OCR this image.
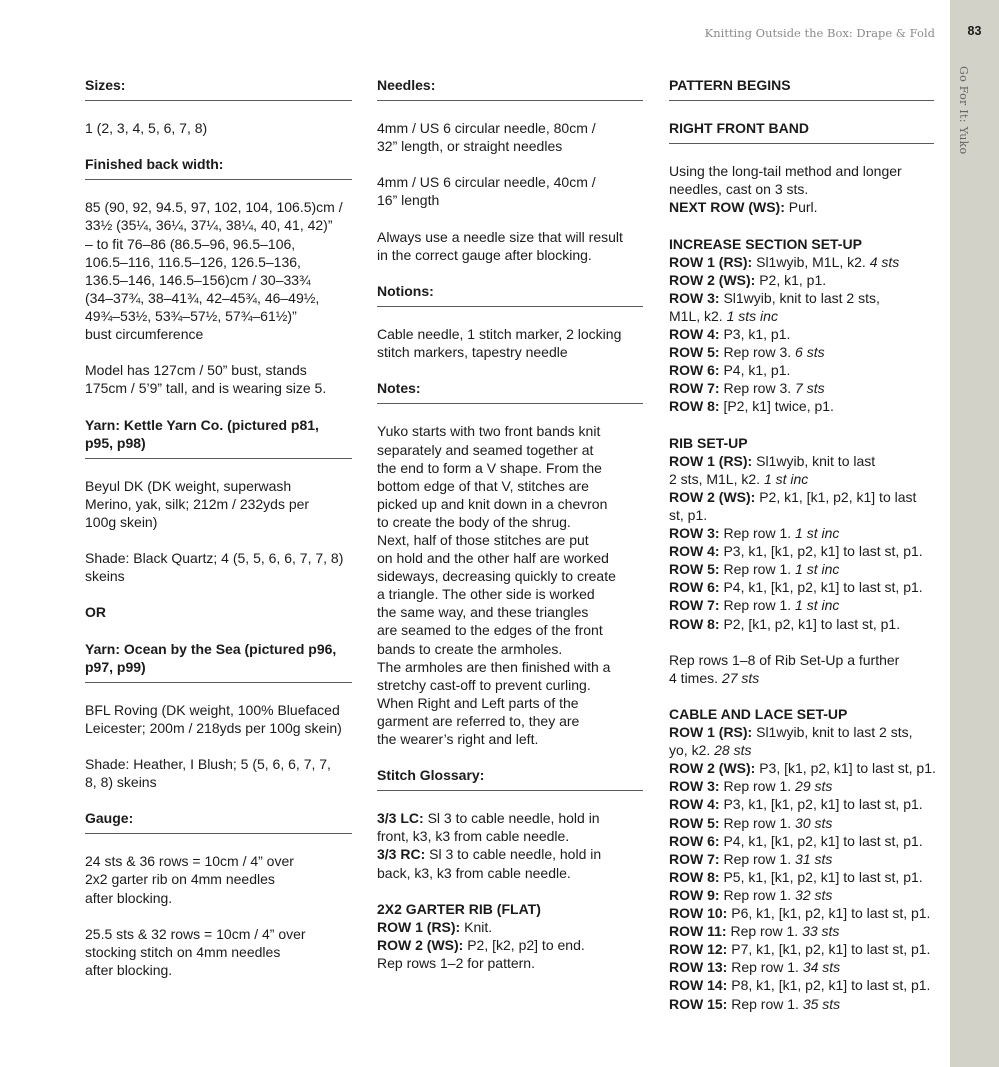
Knitting Outside the Box: Drape & Fold	83
Go For It: Yuko
Sizes:

1 (2, 3, 4, 5, 6, 7, 8)

Finished back width:
85 (90, 92, 94.5, 97, 102, 104, 106.5)cm /
33½ (35¼, 36¼, 37¼, 38¼, 40, 41, 42)”
– to fit 76–86 (86.5–96, 96.5–106,
106.5–116, 116.5–126, 126.5–136,
136.5–146, 146.5–156)cm / 30–33¾
(34–37¾, 38–41¾, 42–45¾, 46–49½,
49¾–53½, 53¾–57½, 57¾–61½)”
bust circumference
Model has 127cm / 50” bust, stands
175cm / 5’9” tall, and is wearing size 5.
Yarn: Kettle Yarn Co. (pictured p81,
p95, p98)
Beyul DK (DK weight, superwash
Merino, yak, silk; 212m / 232yds per
100g skein)
Shade: Black Quartz; 4 (5, 5, 6, 6, 7, 7, 8)
skeins
OR
Yarn: Ocean by the Sea (pictured p96,
p97, p99)
BFL Roving (DK weight, 100% Bluefaced
Leicester; 200m / 218yds per 100g skein)
Shade: Heather, I Blush; 5 (5, 6, 6, 7, 7,
8, 8) skeins
Gauge:
24 sts & 36 rows = 10cm / 4” over
2x2 garter rib on 4mm needles
after blocking.
25.5 sts & 32 rows = 10cm / 4” over
stocking stitch on 4mm needles
after blocking.
Needles:
4mm / US 6 circular needle, 80cm /
32” length, or straight needles
4mm / US 6 circular needle, 40cm /
16” length
Always use a needle size that will result
in the correct gauge after blocking.
Notions:
Cable needle, 1 stitch marker, 2 locking
stitch markers, tapestry needle
Notes:
Yuko starts with two front bands knit
separately and seamed together at
the end to form a V shape. From the
bottom edge of that V, stitches are
picked up and knit down in a chevron
to create the body of the shrug.
Next, half of those stitches are put
on hold and the other half are worked
sideways, decreasing quickly to create
a triangle. The other side is worked
the same way, and these triangles
are seamed to the edges of the front
bands to create the armholes.
The armholes are then finished with a
stretchy cast-off to prevent curling.
When Right and Left parts of the
garment are referred to, they are
the wearer’s right and left.
Stitch Glossary:
3/3 LC: Sl 3 to cable needle, hold in
front, k3, k3 from cable needle.
3/3 RC: Sl 3 to cable needle, hold in
back, k3, k3 from cable needle.
2X2 GARTER RIB (FLAT)
ROW 1 (RS): Knit.
ROW 2 (WS): P2, [k2, p2] to end.
Rep rows 1–2 for pattern.
PATTERN BEGINS
RIGHT FRONT BAND
Using the long-tail method and longer
needles, cast on 3 sts.
NEXT ROW (WS): Purl.
INCREASE SECTION SET-UP
ROW 1 (RS): Sl1wyib, M1L, k2. 4 sts
ROW 2 (WS): P2, k1, p1.
ROW 3: Sl1wyib, knit to last 2 sts,
M1L, k2. 1 sts inc
ROW 4: P3, k1, p1.
ROW 5: Rep row 3. 6 sts
ROW 6: P4, k1, p1.
ROW 7: Rep row 3. 7 sts
ROW 8: [P2, k1] twice, p1.
RIB SET-UP
ROW 1 (RS): Sl1wyib, knit to last
2 sts, M1L, k2. 1 st inc
ROW 2 (WS): P2, k1, [k1, p2, k1] to last
st, p1.
ROW 3: Rep row 1. 1 st inc
ROW 4: P3, k1, [k1, p2, k1] to last st, p1.
ROW 5: Rep row 1. 1 st inc
ROW 6: P4, k1, [k1, p2, k1] to last st, p1.
ROW 7: Rep row 1. 1 st inc
ROW 8: P2, [k1, p2, k1] to last st, p1.
Rep rows 1–8 of Rib Set-Up a further
4 times. 27 sts
CABLE AND LACE SET-UP
ROW 1 (RS): Sl1wyib, knit to last 2 sts,
yo, k2. 28 sts
ROW 2 (WS): P3, [k1, p2, k1] to last st, p1.
ROW 3: Rep row 1. 29 sts
ROW 4: P3, k1, [k1, p2, k1] to last st, p1.
ROW 5: Rep row 1. 30 sts
ROW 6: P4, k1, [k1, p2, k1] to last st, p1.
ROW 7: Rep row 1. 31 sts
ROW 8: P5, k1, [k1, p2, k1] to last st, p1.
ROW 9: Rep row 1. 32 sts
ROW 10: P6, k1, [k1, p2, k1] to last st, p1.
ROW 11: Rep row 1. 33 sts
ROW 12: P7, k1, [k1, p2, k1] to last st, p1.
ROW 13: Rep row 1. 34 sts
ROW 14: P8, k1, [k1, p2, k1] to last st, p1.
ROW 15: Rep row 1. 35 sts
